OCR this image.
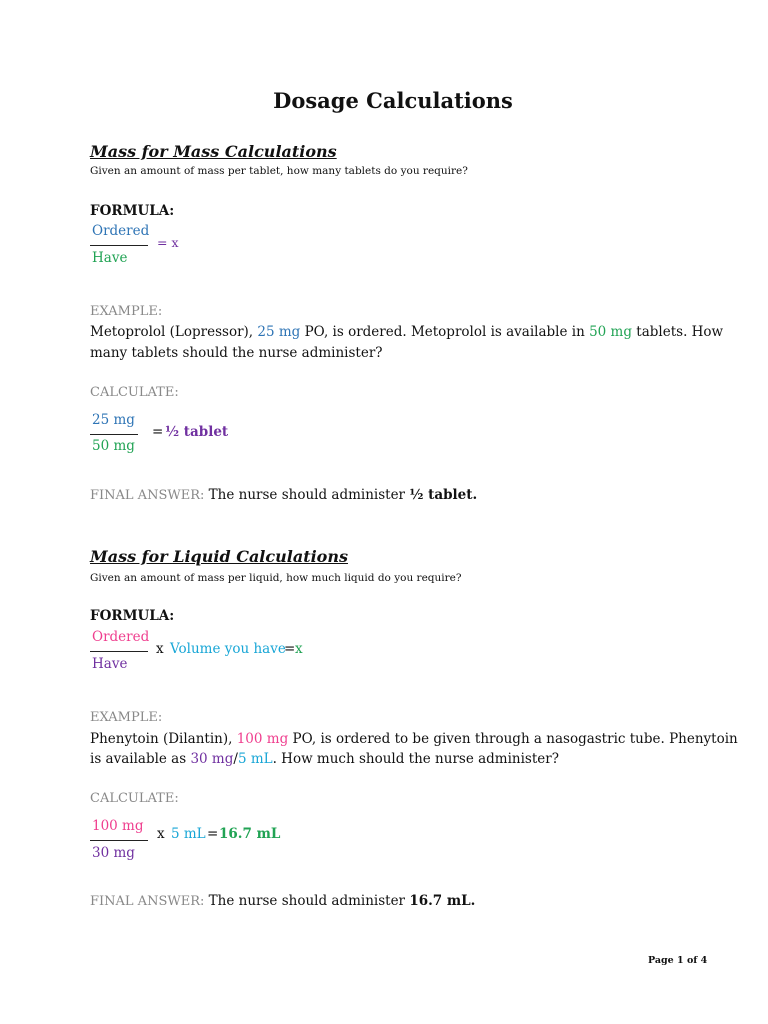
Dosage Calculations
Mass for Mass Calculations
Given an amount of mass per tablet, how many tablets do you require?
FORMULA:
Ordered
Have
= x
EXAMPLE:
Metoprolol (Lopressor), 25 mg PO, is ordered. Metoprolol is available in 50 mg tablets. How
many tablets should the nurse administer?
CALCULATE:
25 mg
50 mg
= ½ tablet
FINAL ANSWER: The nurse should administer ½ tablet.
Mass for Liquid Calculations
Given an amount of mass per liquid, how much liquid do you require?
FORMULA:
Ordered
Have
x Volume you have
= x
EXAMPLE:
Phenytoin (Dilantin), 100 mg PO, is ordered to be given through a nasogastric tube. Phenytoin
is available as 30 mg/5 mL. How much should the nurse administer?
CALCULATE:
100 mg
30 mg
x 5 mL = 16.7 mL
FINAL ANSWER: The nurse should administer 16.7 mL.
Page 1 of 4
